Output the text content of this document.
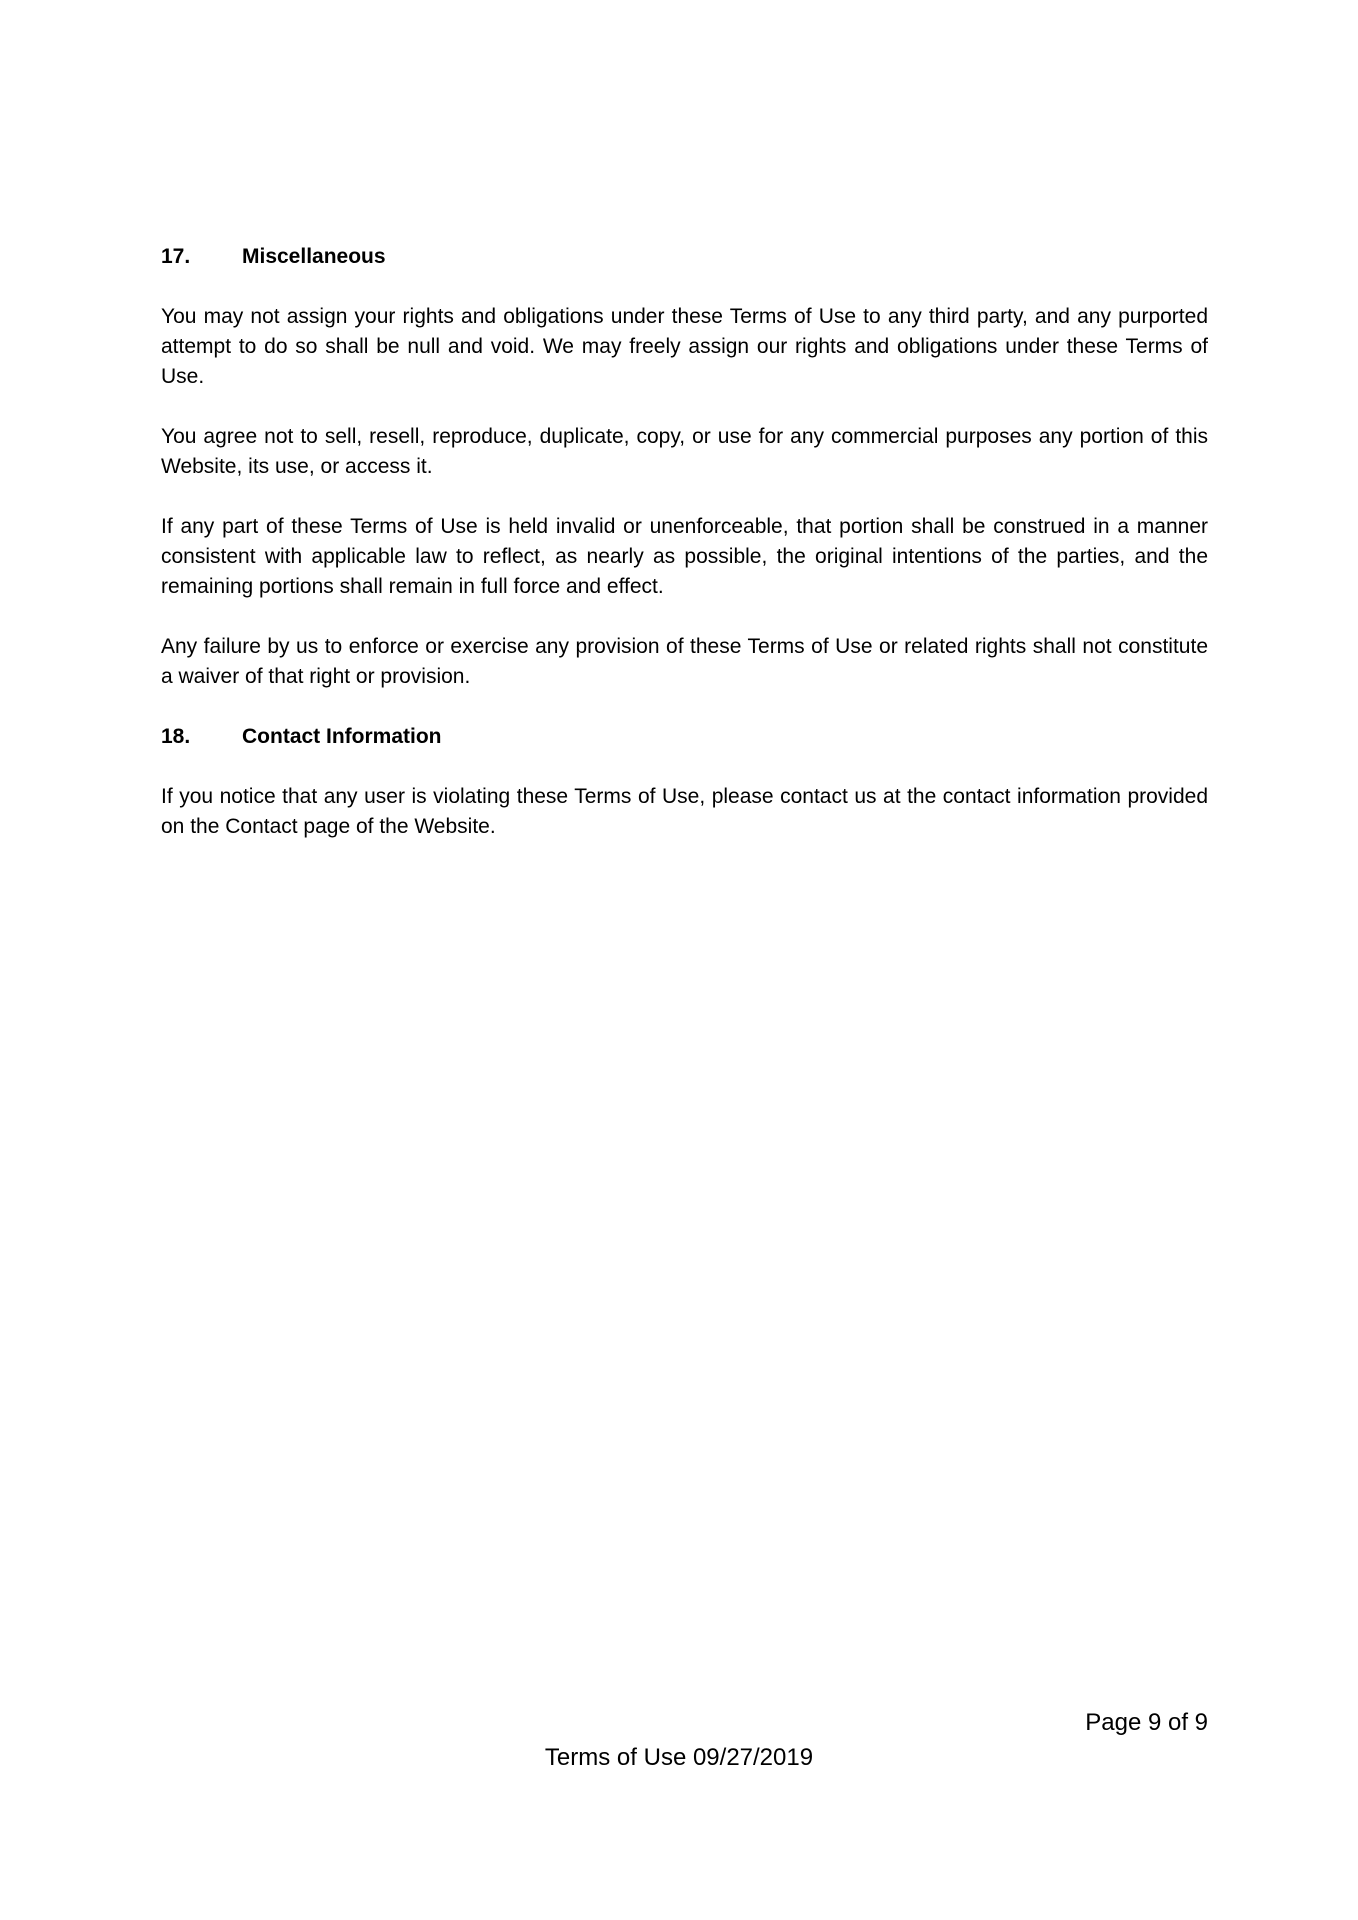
17.	Miscellaneous

You may not assign your rights and obligations under these Terms of Use to any third party, and any purported attempt to do so shall be null and void. We may freely assign our rights and obligations under these Terms of Use.

You agree not to sell, resell, reproduce, duplicate, copy, or use for any commercial purposes any portion of this Website, its use, or access it.

If any part of these Terms of Use is held invalid or unenforceable, that portion shall be construed in a manner consistent with applicable law to reflect, as nearly as possible, the original intentions of the parties, and the remaining portions shall remain in full force and effect.

Any failure by us to enforce or exercise any provision of these Terms of Use or related rights shall not constitute a waiver of that right or provision.

18.	Contact Information

If you notice that any user is violating these Terms of Use, please contact us at the contact information provided on the Contact page of the Website.

Page 9 of 9
Terms of Use 09/27/2019
